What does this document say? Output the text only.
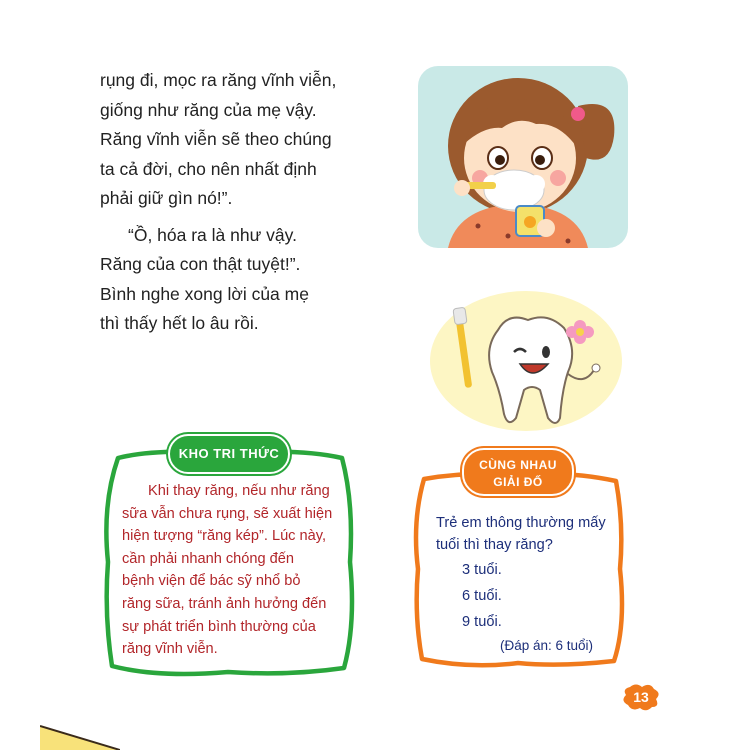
rụng đi, mọc ra răng vĩnh viễn,
giống như răng của mẹ vậy.
Răng vĩnh viễn sẽ theo chúng
ta cả đời, cho nên nhất định
phải giữ gìn nó!”.

“Ồ, hóa ra là như vậy.
Răng của con thật tuyệt!”.
Bình nghe xong lời của mẹ
thì thấy hết lo âu rồi.

KHO TRI THỨC

Khi thay răng, nếu như răng
sữa vẫn chưa rụng, sẽ xuất hiện
hiện tượng “răng kép”. Lúc này,
cần phải nhanh chóng đến
bệnh viện để bác sỹ nhổ bỏ
răng sữa, tránh ảnh hưởng đến
sự phát triển bình thường của
răng vĩnh viễn.

CÙNG NHAU
GIẢI ĐỐ

Trẻ em thông thường mấy
tuổi thì thay răng?

3 tuổi.
6 tuổi.
9 tuổi.
(Đáp án: 6 tuổi)
13
